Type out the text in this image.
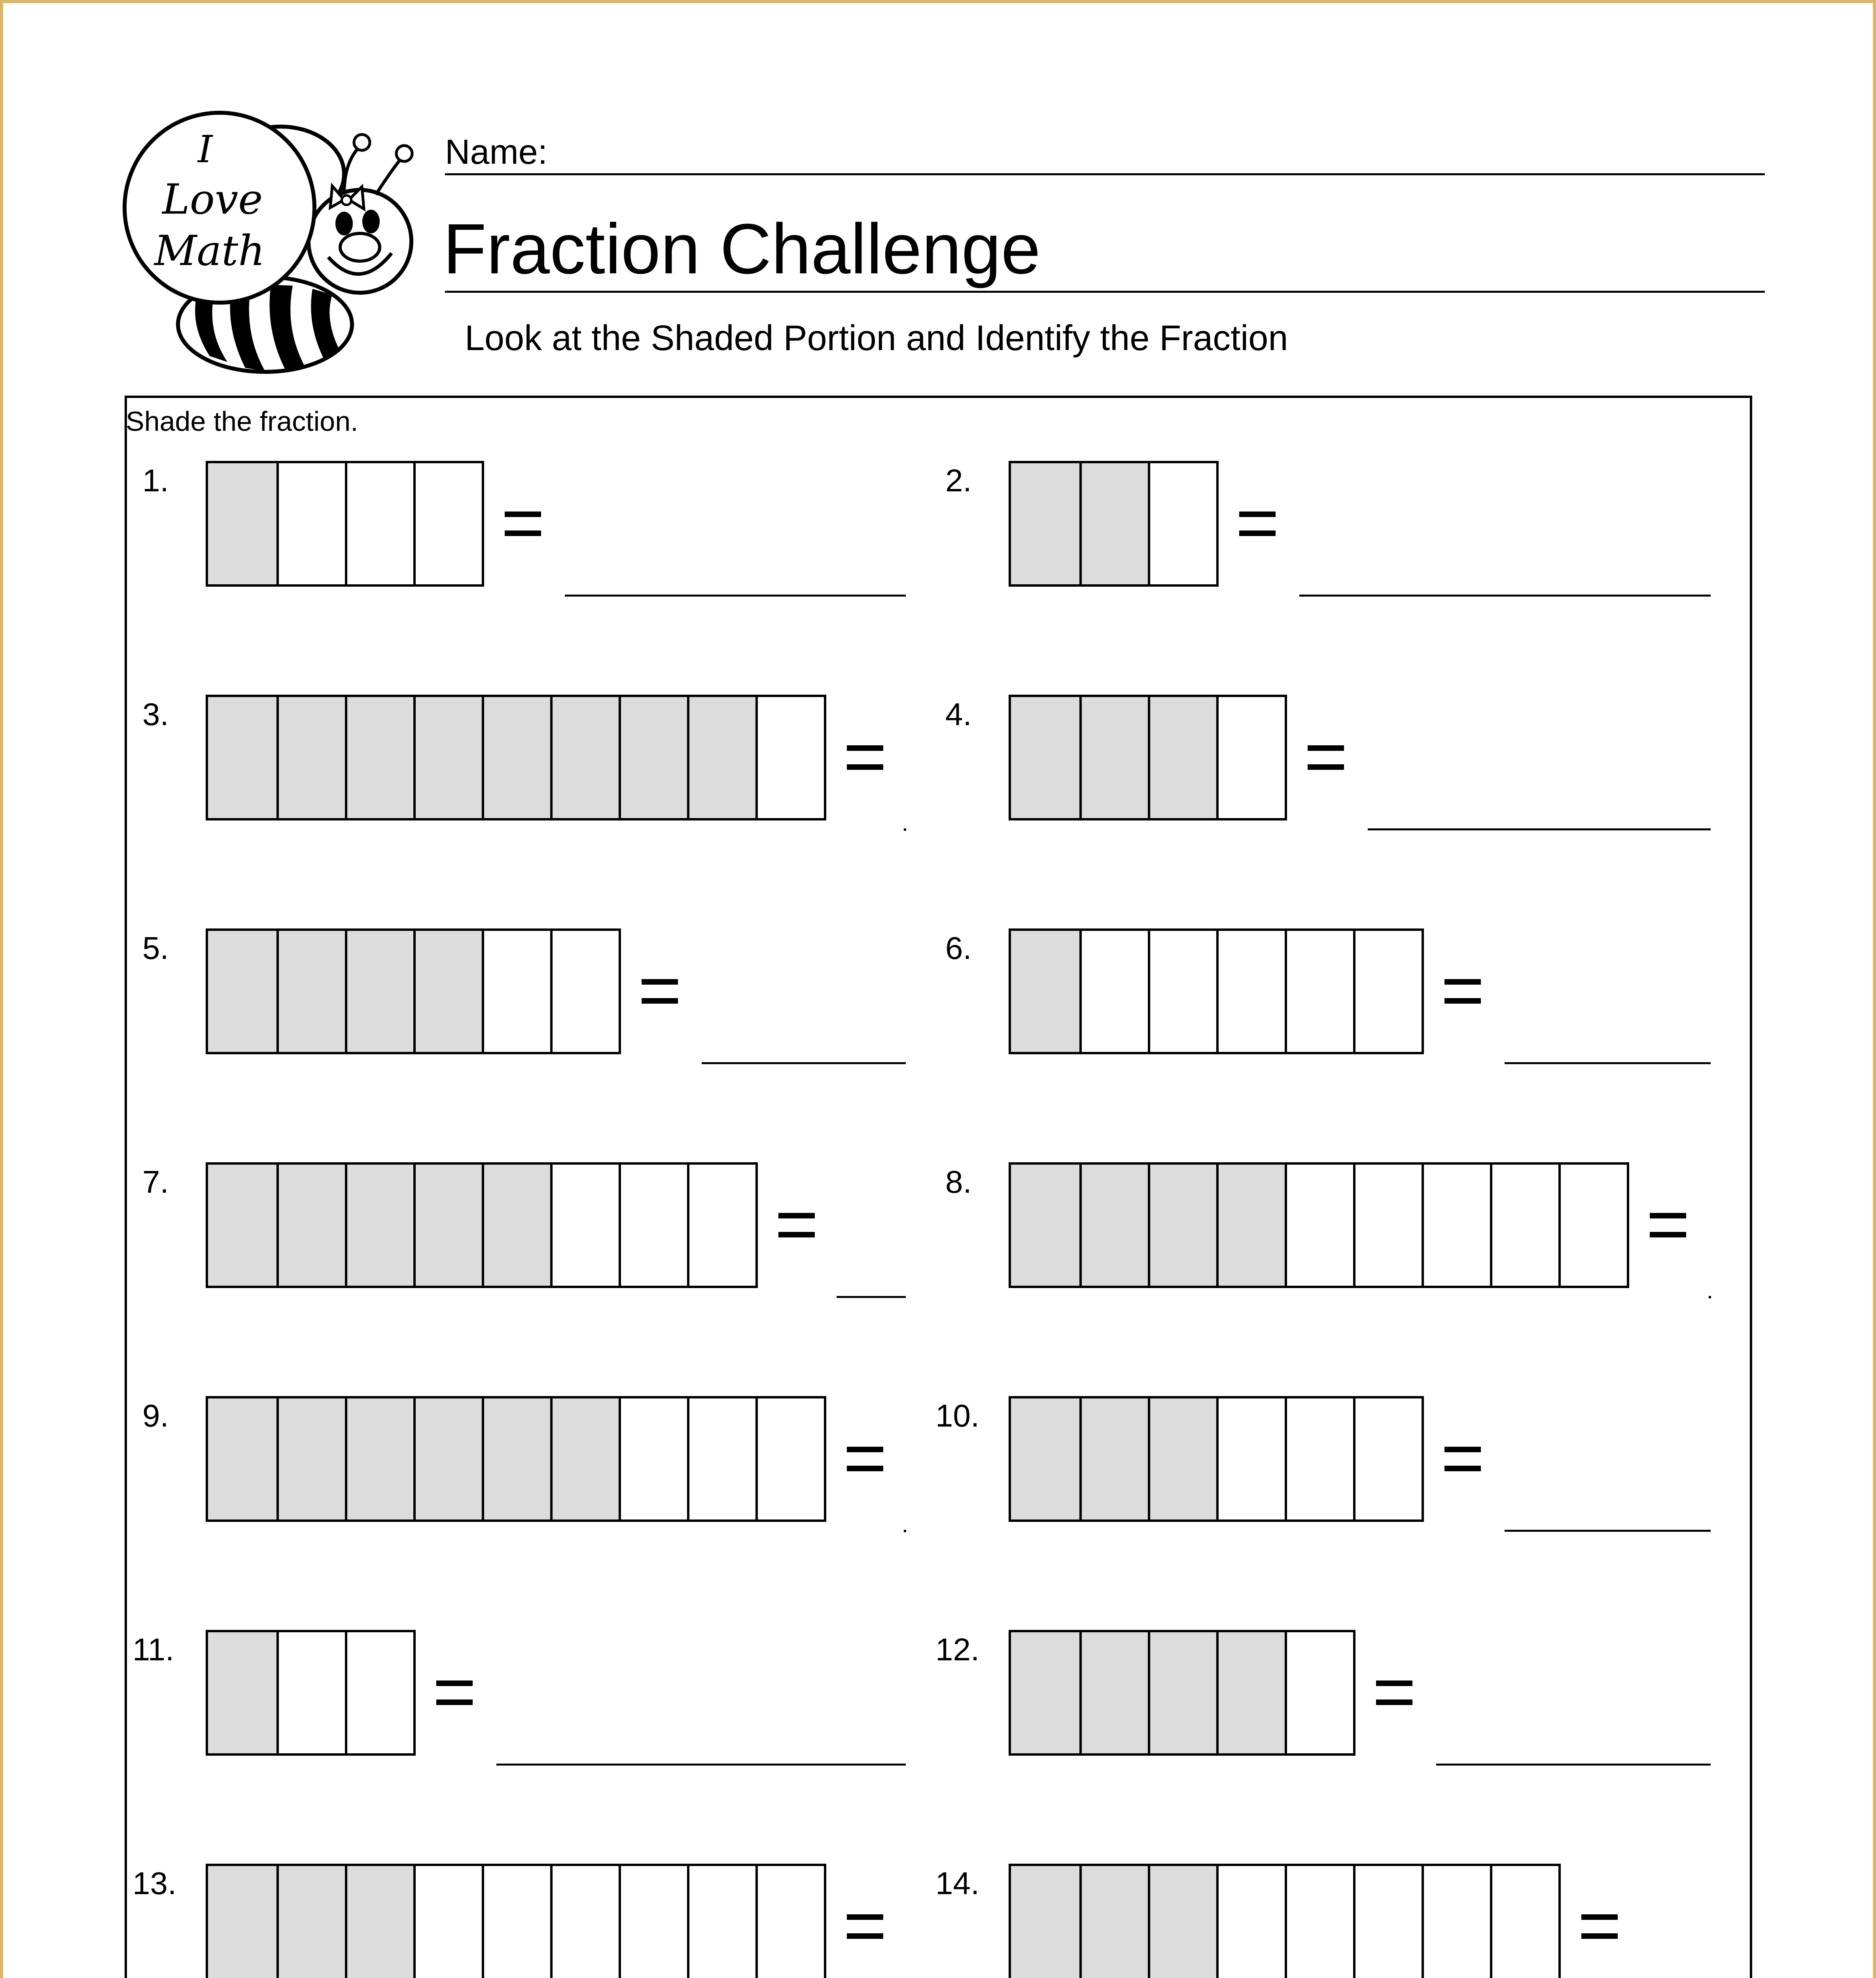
I
Love
Math
Name:
Fraction Challenge
Look at the Shaded Portion and Identify the Fraction
Shade the fraction.
1.	2.
3.	4.
5.	6.
7.	8.
9.	10.
11.	12.
13.	14.
